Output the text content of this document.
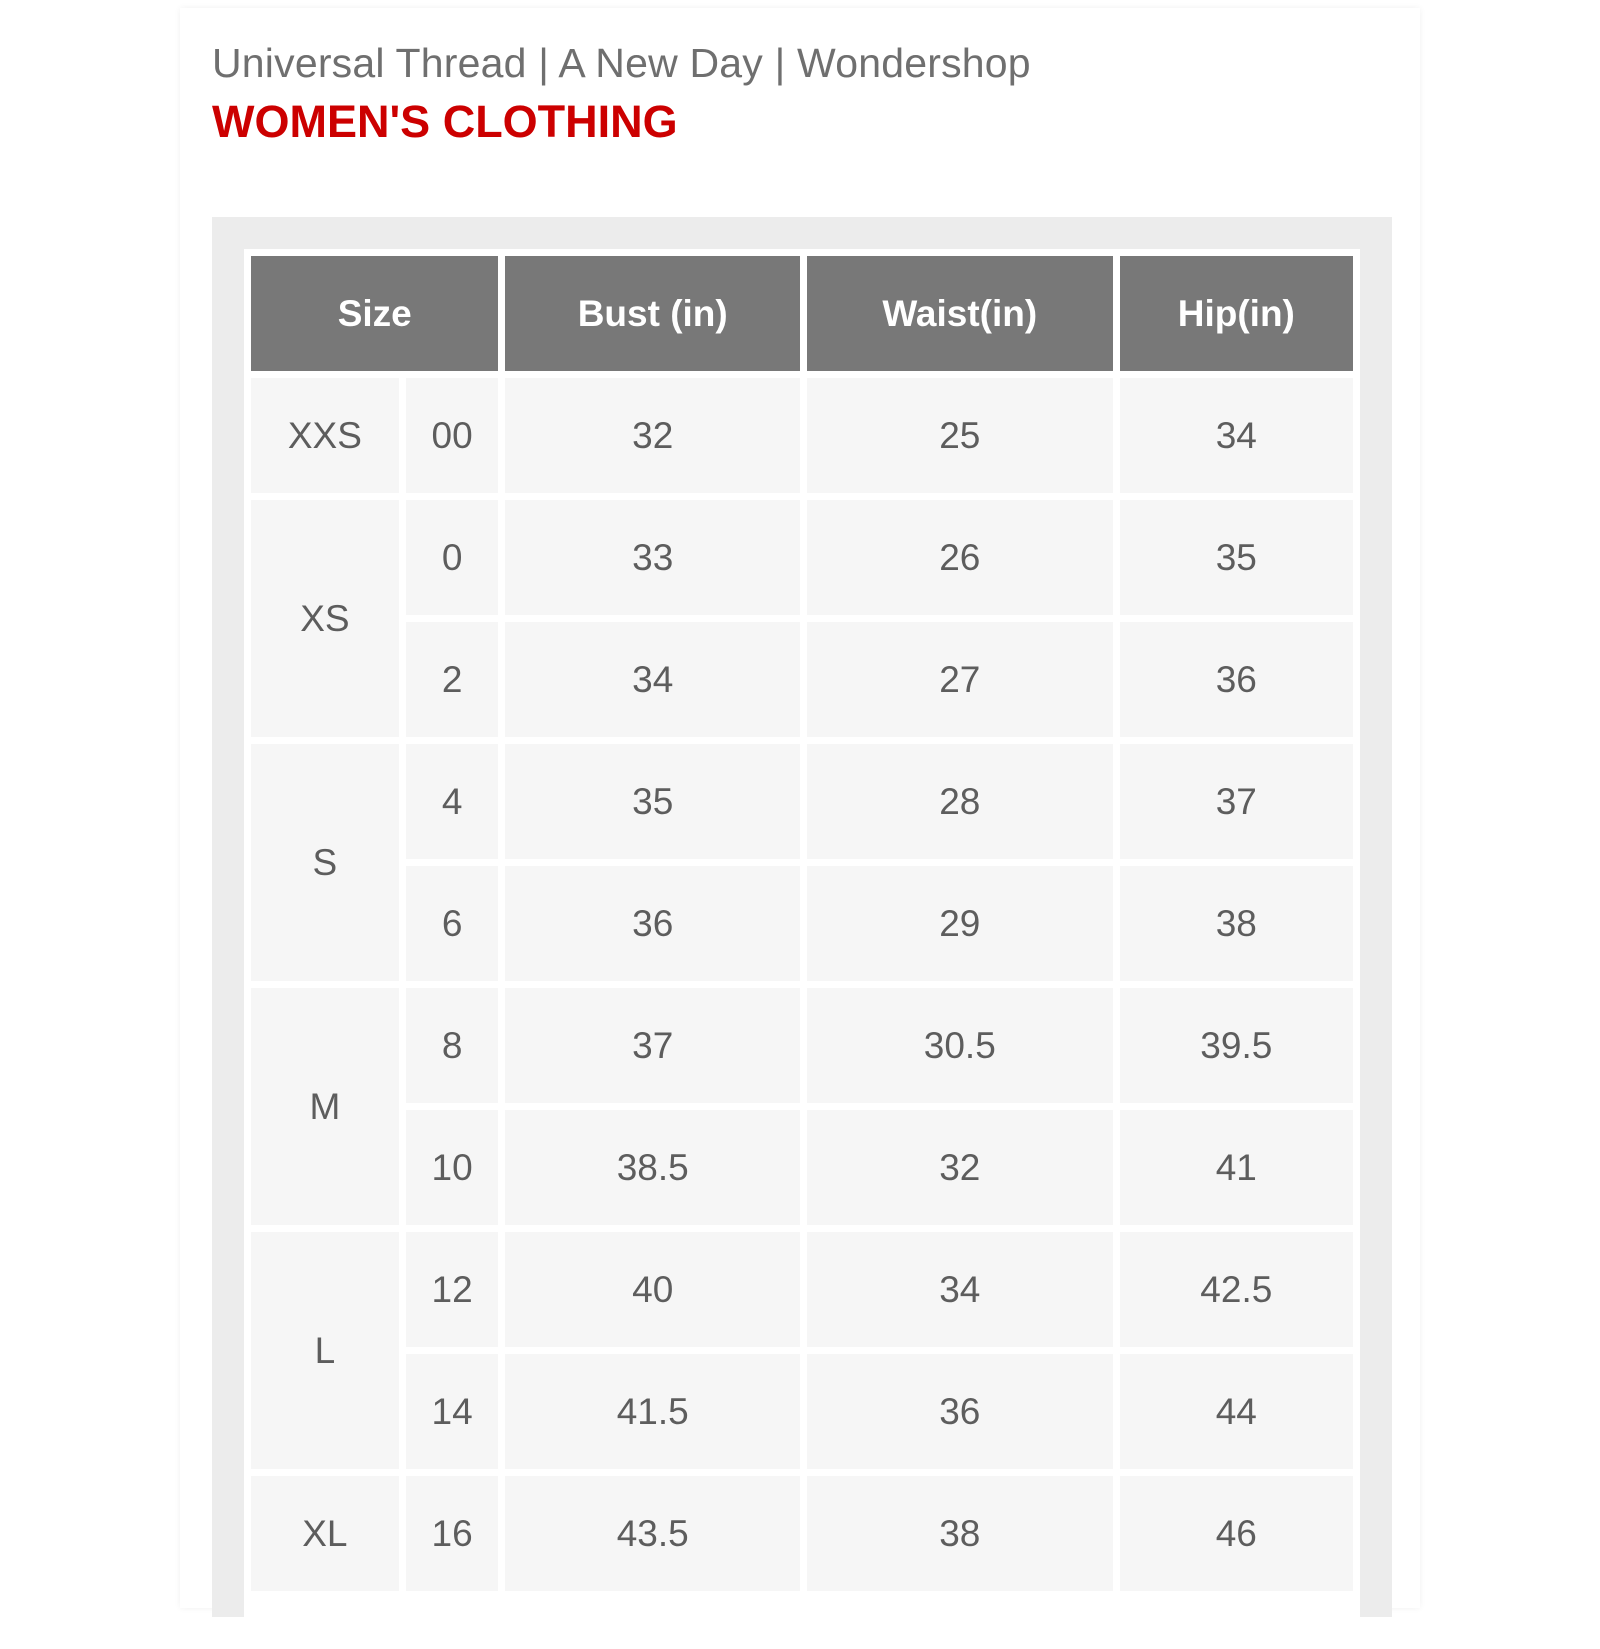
Universal Thread | A New Day | Wondershop
WOMEN'S CLOTHING
Size		Bust (in)	Waist(in)	Hip(in)
XXS	00	32	25	34
XS	0	33	26	35
	2	34	27	36
S	4	35	28	37
	6	36	29	38
M	8	37	30.5	39.5
	10	38.5	32	41
L	12	40	34	42.5
	14	41.5	36	44
XL	16	43.5	38	46
